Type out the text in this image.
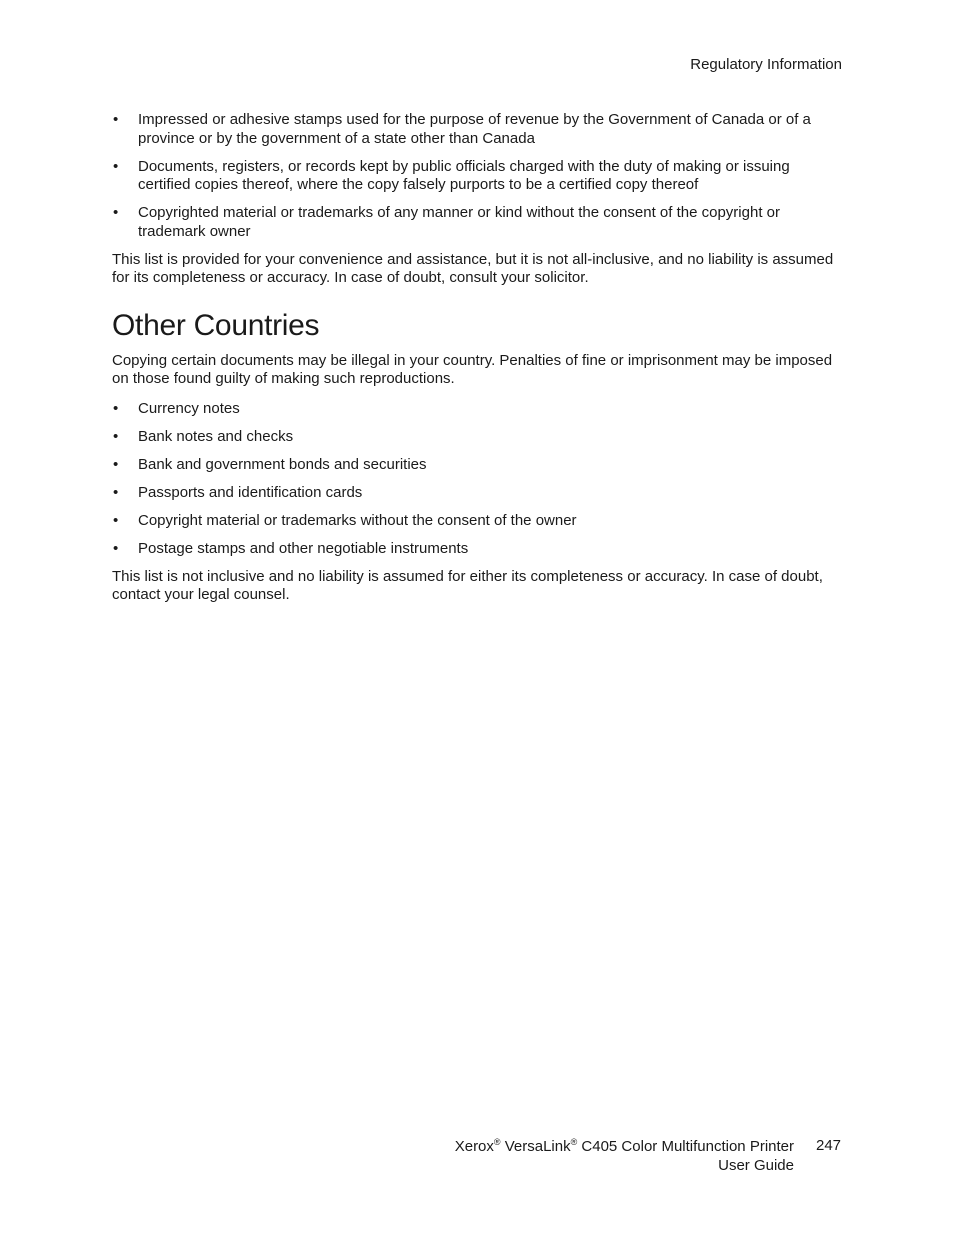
Regulatory Information
•	Impressed or adhesive stamps used for the purpose of revenue by the Government of Canada or of a province or by the government of a state other than Canada
•	Documents, registers, or records kept by public officials charged with the duty of making or issuing certified copies thereof, where the copy falsely purports to be a certified copy thereof
•	Copyrighted material or trademarks of any manner or kind without the consent of the copyright or trademark owner

This list is provided for your convenience and assistance, but it is not all-inclusive, and no liability is assumed for its completeness or accuracy. In case of doubt, consult your solicitor.

Other Countries

Copying certain documents may be illegal in your country. Penalties of fine or imprisonment may be imposed on those found guilty of making such reproductions.

•	Currency notes
•	Bank notes and checks
•	Bank and government bonds and securities
•	Passports and identification cards
•	Copyright material or trademarks without the consent of the owner
•	Postage stamps and other negotiable instruments

This list is not inclusive and no liability is assumed for either its completeness or accuracy. In case of doubt, contact your legal counsel.

Xerox® VersaLink® C405 Color Multifunction Printer
User Guide
247
